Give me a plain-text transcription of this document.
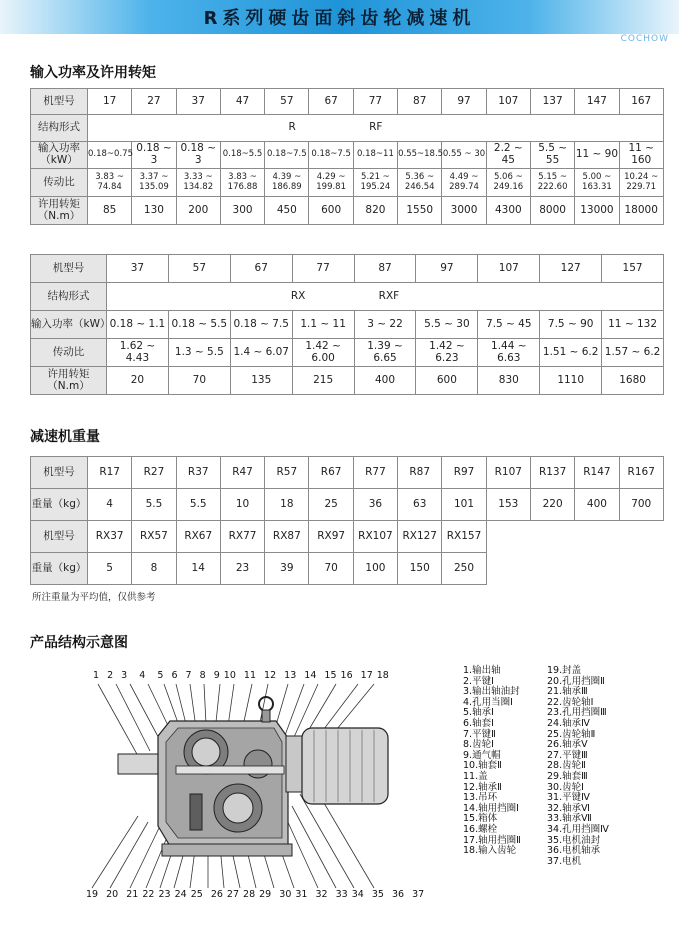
R系列硬齿面斜齿轮减速机
COCHOW
输入功率及许用转矩
机型号	17	27	37	47	57	67	77	87	97	107	137	147	167
结构形式	R RF												
输入功率（kW）	0.18~0.75	0.18 ~ 3	0.18 ~ 3	0.18~5.5	0.18~7.5	0.18~7.5	0.18~11	0.55~18.5	0.55 ~ 30	2.2 ~ 45	5.5 ~ 55	11 ~ 90	11 ~ 160
传动比	3.83 ~ 74.84	3.37 ~ 135.09	3.33 ~ 134.82	3.83 ~ 176.88	4.39 ~ 186.89	4.29 ~ 199.81	5.21 ~ 195.24	5.36 ~ 246.54	4.49 ~ 289.74	5.06 ~ 249.16	5.15 ~ 222.60	5.00 ~ 163.31	10.24 ~ 229.71
许用转矩（N.m）	85	130	200	300	450	600	820	1550	3000	4300	8000	13000	18000
机型号	37	57	67	77	87	97	107	127	157
结构形式	RX RXF								
输入功率（kW）	0.18 ~ 1.1	0.18 ~ 5.5	0.18 ~ 7.5	1.1 ~ 11	3 ~ 22	5.5 ~ 30	7.5 ~ 45	7.5 ~ 90	11 ~ 132
传动比	1.62 ~ 4.43	1.3 ~ 5.5	1.4 ~ 6.07	1.42 ~ 6.00	1.39 ~ 6.65	1.42 ~ 6.23	1.44 ~ 6.63	1.51 ~ 6.2	1.57 ~ 6.2
许用转矩（N.m）	20	70	135	215	400	600	830	1110	1680
减速机重量
机型号	R17	R27	R37	R47	R57	R67	R77	R87	R97	R107	R137	R147	R167
重量（kg）	4	5.5	5.5	10	18	25	36	63	101	153	220	400	700
机型号	RX37	RX57	RX67	RX77	RX87	RX97	RX107	RX127	RX157				
重量（kg）	5	8	14	23	39	70	100	150	250				
所注重量为平均值，仅供参考
产品结构示意图
1  2  3   4   5  6  7  8  9 10  11  12  13  14  15 16  17 18
19  20  21 22 23 24 25  26 27 28 29  30 31  32  33 34  35  36  37
1.输出轴
2.平键Ⅰ
3.输出轴油封
4.孔用当圈Ⅰ
5.轴承Ⅰ
6.轴套Ⅰ
7.平键Ⅱ
8.齿轮Ⅰ
9.通气帽
10.轴套Ⅱ
11.盖
12.轴承Ⅱ
13.吊环
14.轴用挡圈Ⅰ
15.箱体
16.螺栓
17.轴用挡圈Ⅱ
18.输入齿轮
19.封盖
20.孔用挡圈Ⅱ
21.轴承Ⅲ
22.齿轮轴Ⅰ
23.孔用挡圈Ⅲ
24.轴承Ⅳ
25.齿轮轴Ⅱ
26.轴承Ⅴ
27.平键Ⅲ
28.齿轮Ⅱ
29.轴套Ⅲ
30.齿轮Ⅰ
31.平键Ⅳ
32.轴承Ⅵ
33.轴承Ⅶ
34.孔用挡圈Ⅳ
35.电机油封
36.电机轴承
37.电机
